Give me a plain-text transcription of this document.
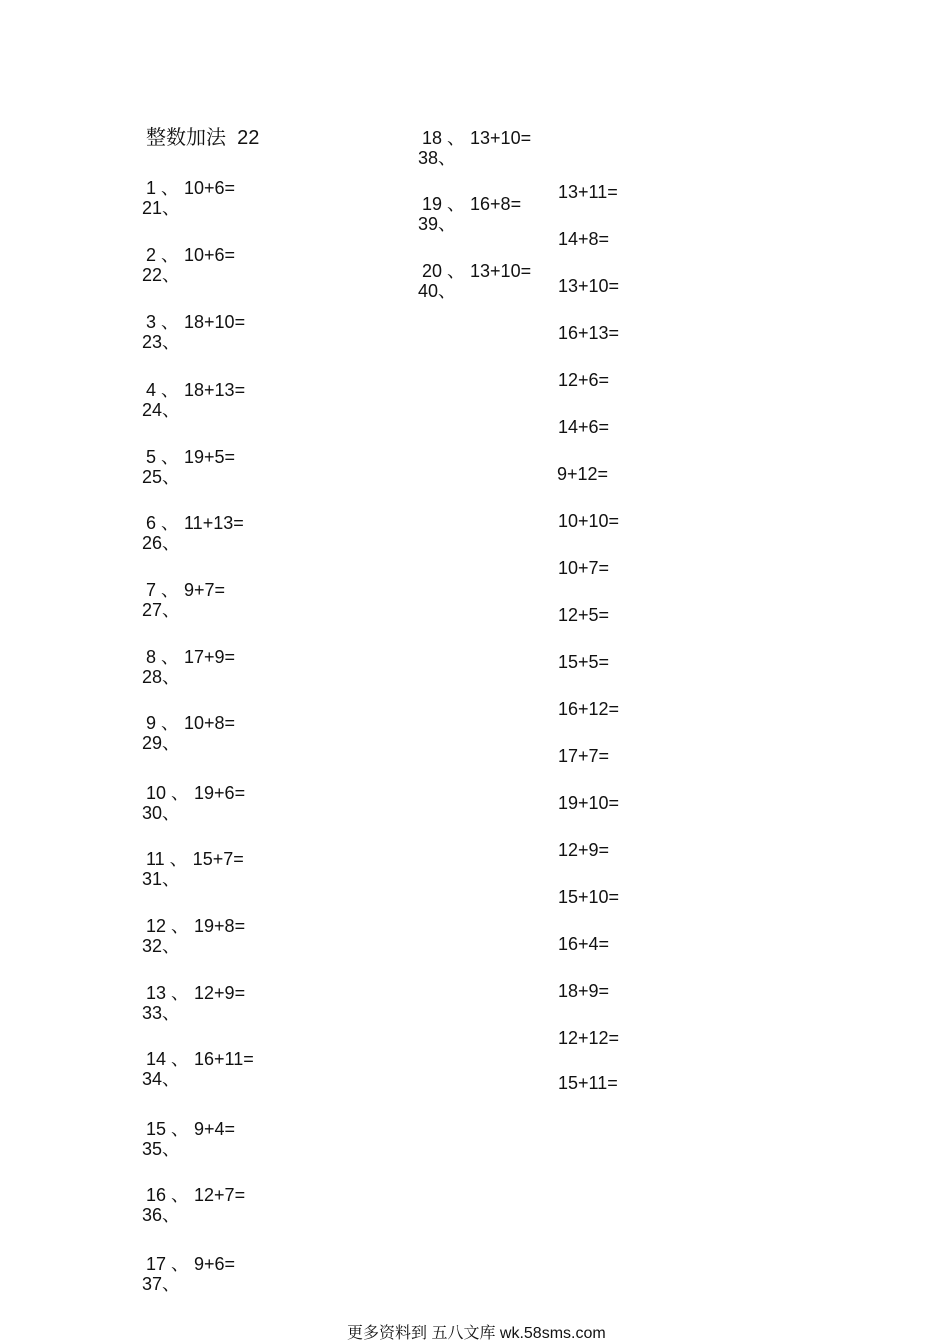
整数加法  22
1 、 10+6=
21、
2 、 10+6=
22、
3 、 18+10=
23、
4 、 18+13=
24、
5 、 19+5=
25、
6 、 11+13=
26、
7 、 9+7=
27、
8 、 17+9=
28、
9 、 10+8=
29、
10 、 19+6=
30、
11 、 15+7=
31、
12 、 19+8=
32、
13 、 12+9=
33、
14 、 16+11=
34、
15 、 9+4=
35、
16 、 12+7=
36、
17 、 9+6=
37、
18 、 13+10=
38、
19 、 16+8=
39、
20 、 13+10=
40、
13+11=
14+8=
13+10=
16+13=
12+6=
14+6=
9+12=
10+10=
10+7=
12+5=
15+5=
16+12=
17+7=
19+10=
12+9=
15+10=
16+4=
18+9=
12+12=
15+11=
更多资料到 五八文库 wk.58sms.com
